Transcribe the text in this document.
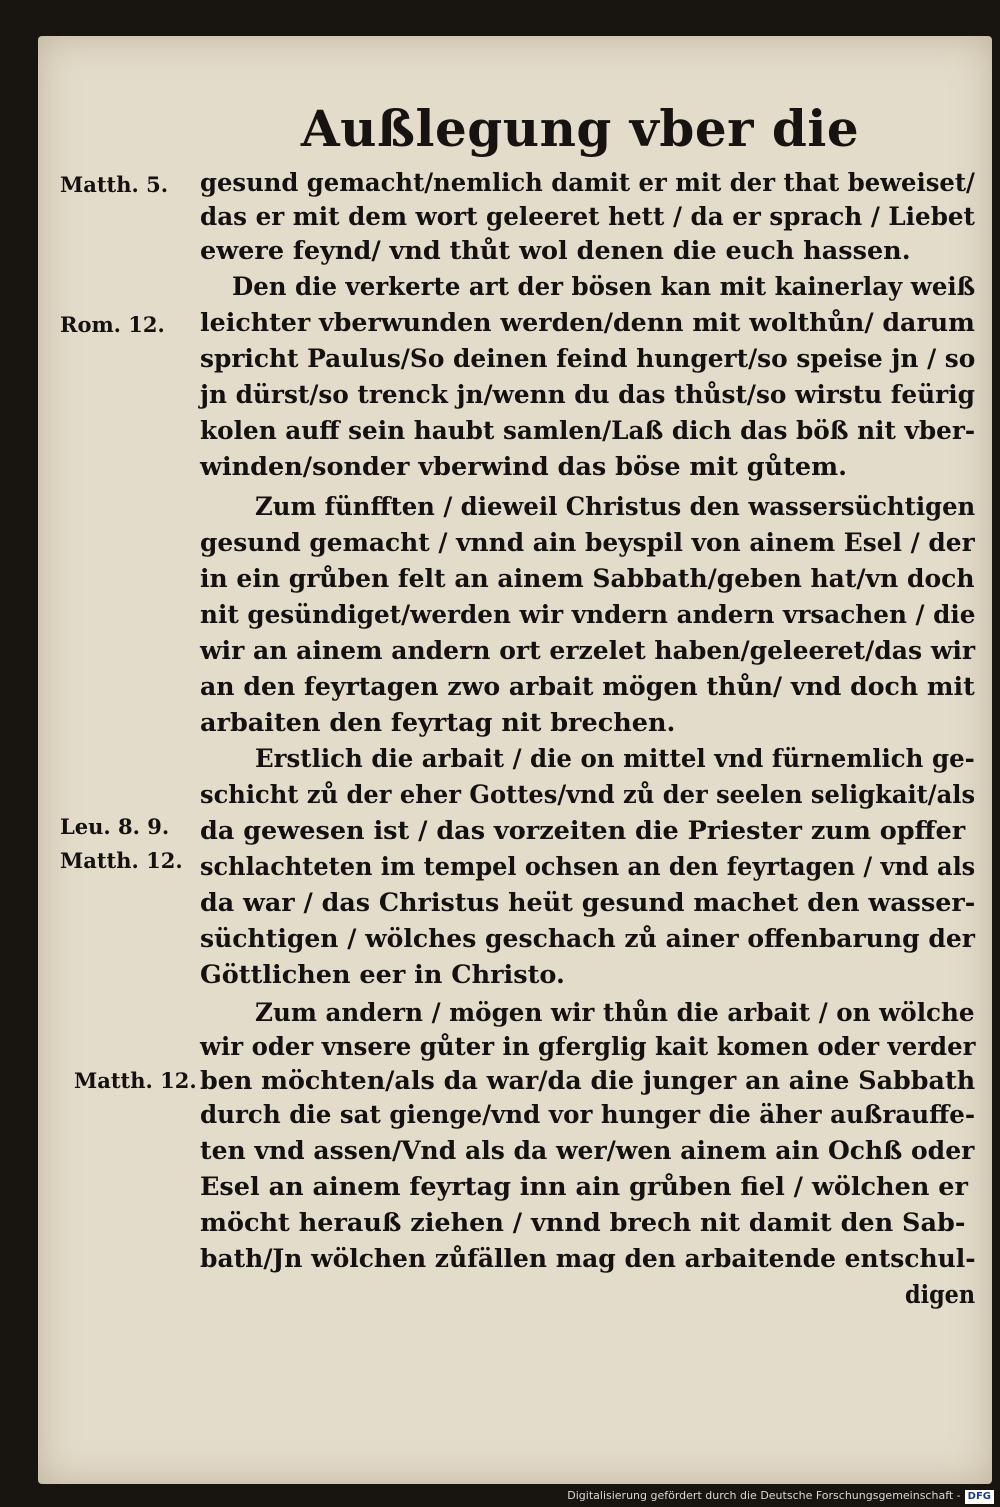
Außlegung vber die
Matth. 5.
Rom. 12.
Leu. 8. 9.
Matth. 12.
Matth. 12.
gesund gemacht/nemlich damit er mit der that beweiset/
das er mit dem wort geleeret hett / da er sprach / Liebet
ewere feynd/ vnd thůt wol denen die euch hassen.
Den die verkerte art der bösen kan mit kainerlay weiß
leichter vberwunden werden/denn mit wolthůn/ darum
spricht Paulus/So deinen feind hungert/so speise jn / so
jn dürst/so trenck jn/wenn du das thůst/so wirstu feürig
kolen auff sein haubt samlen/Laß dich das böß nit vber-
winden/sonder vberwind das böse mit gůtem.
Zum fünfften / dieweil Christus den wassersüchtigen
gesund gemacht / vnnd ain beyspil von ainem Esel / der
in ein grůben felt an ainem Sabbath/geben hat/vn doch
nit gesündiget/werden wir vndern andern vrsachen / die
wir an ainem andern ort erzelet haben/geleeret/das wir
an den feyrtagen zwo arbait mögen thůn/ vnd doch mit
arbaiten den feyrtag nit brechen.
Erstlich die arbait / die on mittel vnd fürnemlich ge-
schicht zů der eher Gottes/vnd zů der seelen seligkait/als
da gewesen ist / das vorzeiten die Priester zum opffer
schlachteten im tempel ochsen an den feyrtagen / vnd als
da war / das Christus heüt gesund machet den wasser-
süchtigen / wölches geschach zů ainer offenbarung der
Göttlichen eer in Christo.
Zum andern / mögen wir thůn die arbait / on wölche
wir oder vnsere gůter in gferglig kait komen oder verder
ben möchten/als da war/da die junger an aine Sabbath
durch die sat gienge/vnd vor hunger die äher außrauffe-
ten vnd assen/Vnd als da wer/wen ainem ain Ochß oder
Esel an ainem feyrtag inn ain grůben fiel / wölchen er
möcht herauß ziehen / vnnd brech nit damit den Sab-
bath/Jn wölchen zůfällen mag den arbaitende entschul-
digen
Digitalisierung gefördert durch die Deutsche Forschungsgemeinschaft - DFG
